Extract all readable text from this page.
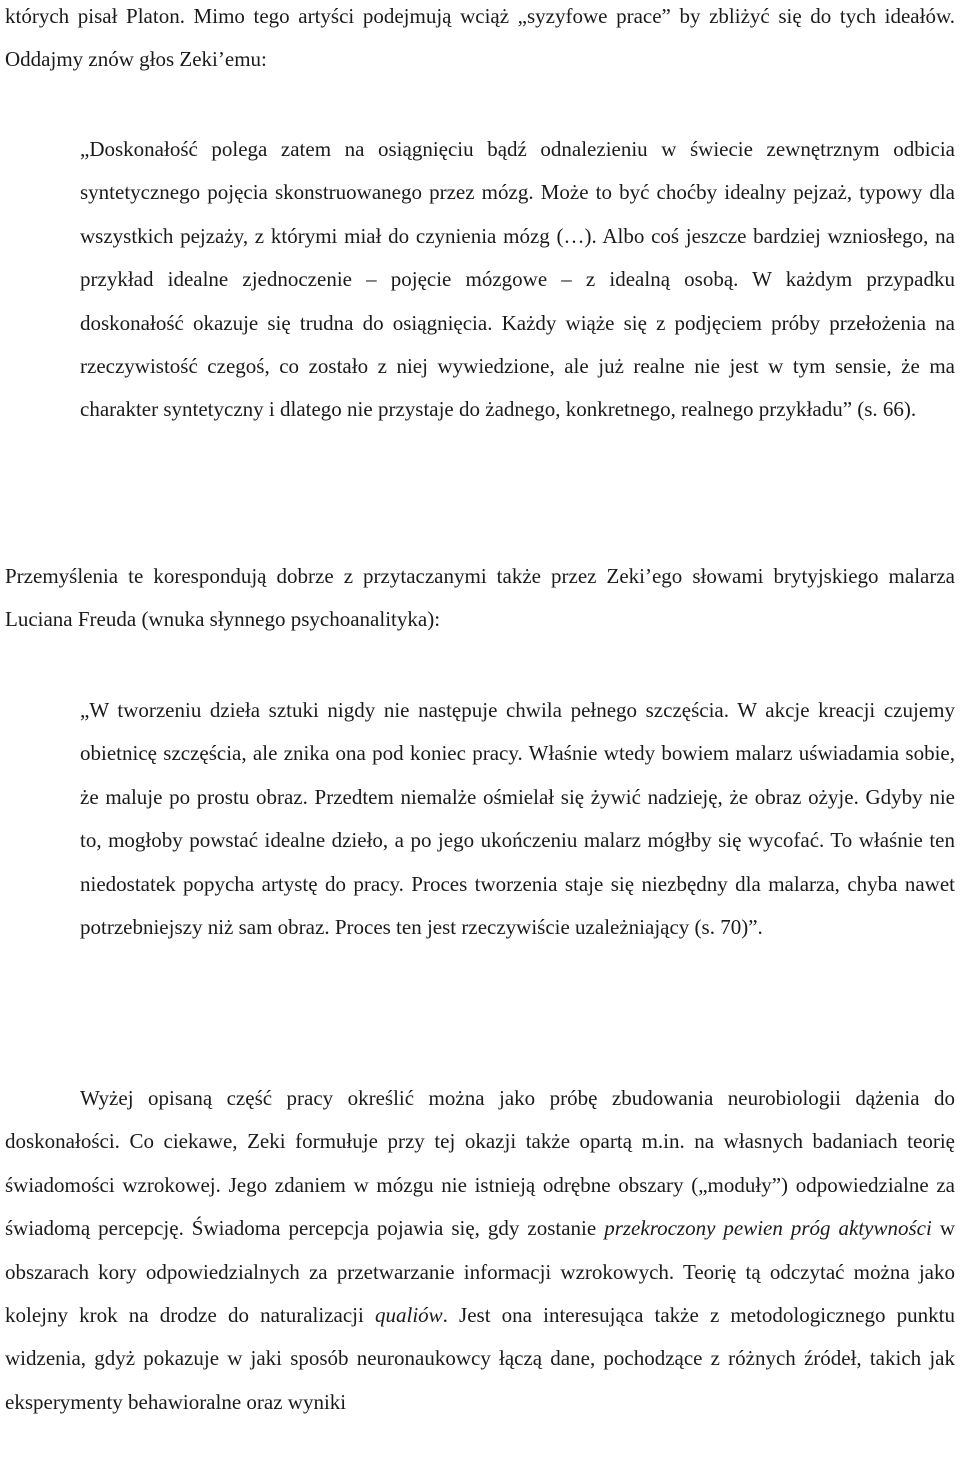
których pisał Platon. Mimo tego artyści podejmują wciąż „syzyfowe prace” by zbliżyć się do tych ideałów. Oddajmy znów głos Zeki’emu:

„Doskonałość polega zatem na osiągnięciu bądź odnalezieniu w świecie zewnętrznym odbicia syntetycznego pojęcia skonstruowanego przez mózg. Może to być choćby idealny pejzaż, typowy dla wszystkich pejzaży, z którymi miał do czynienia mózg (…). Albo coś jeszcze bardziej wzniosłego, na przykład idealne zjednoczenie – pojęcie mózgowe – z idealną osobą. W każdym przypadku doskonałość okazuje się trudna do osiągnięcia. Każdy wiąże się z podjęciem próby przełożenia na rzeczywistość czegoś, co zostało z niej wywiedzione, ale już realne nie jest w tym sensie, że ma charakter syntetyczny i dlatego nie przystaje do żadnego, konkretnego, realnego przykładu” (s. 66).

Przemyślenia te korespondują dobrze z przytaczanymi także przez Zeki’ego słowami brytyjskiego malarza Luciana Freuda (wnuka słynnego psychoanalityka):

„W tworzeniu dzieła sztuki nigdy nie następuje chwila pełnego szczęścia. W akcje kreacji czujemy obietnicę szczęścia, ale znika ona pod koniec pracy. Właśnie wtedy bowiem malarz uświadamia sobie, że maluje po prostu obraz. Przedtem niemalże ośmielał się żywić nadzieję, że obraz ożyje. Gdyby nie to, mogłoby powstać idealne dzieło, a po jego ukończeniu malarz mógłby się wycofać. To właśnie ten niedostatek popycha artystę do pracy. Proces tworzenia staje się niezbędny dla malarza, chyba nawet potrzebniejszy niż sam obraz. Proces ten jest rzeczywiście uzależniający (s. 70)”.

Wyżej opisaną część pracy określić można jako próbę zbudowania neurobiologii dążenia do doskonałości. Co ciekawe, Zeki formułuje przy tej okazji także opartą m.in. na własnych badaniach teorię świadomości wzrokowej. Jego zdaniem w mózgu nie istnieją odrębne obszary („moduły”) odpowiedzialne za świadomą percepcję. Świadoma percepcja pojawia się, gdy zostanie przekroczony pewien próg aktywności w obszarach kory odpowiedzialnych za przetwarzanie informacji wzrokowych. Teorię tą odczytać można jako kolejny krok na drodze do naturalizacji qualiów. Jest ona interesująca także z metodologicznego punktu widzenia, gdyż pokazuje w jaki sposób neuronaukowcy łączą dane, pochodzące z różnych źródeł, takich jak eksperymenty behawioralne oraz wyniki
